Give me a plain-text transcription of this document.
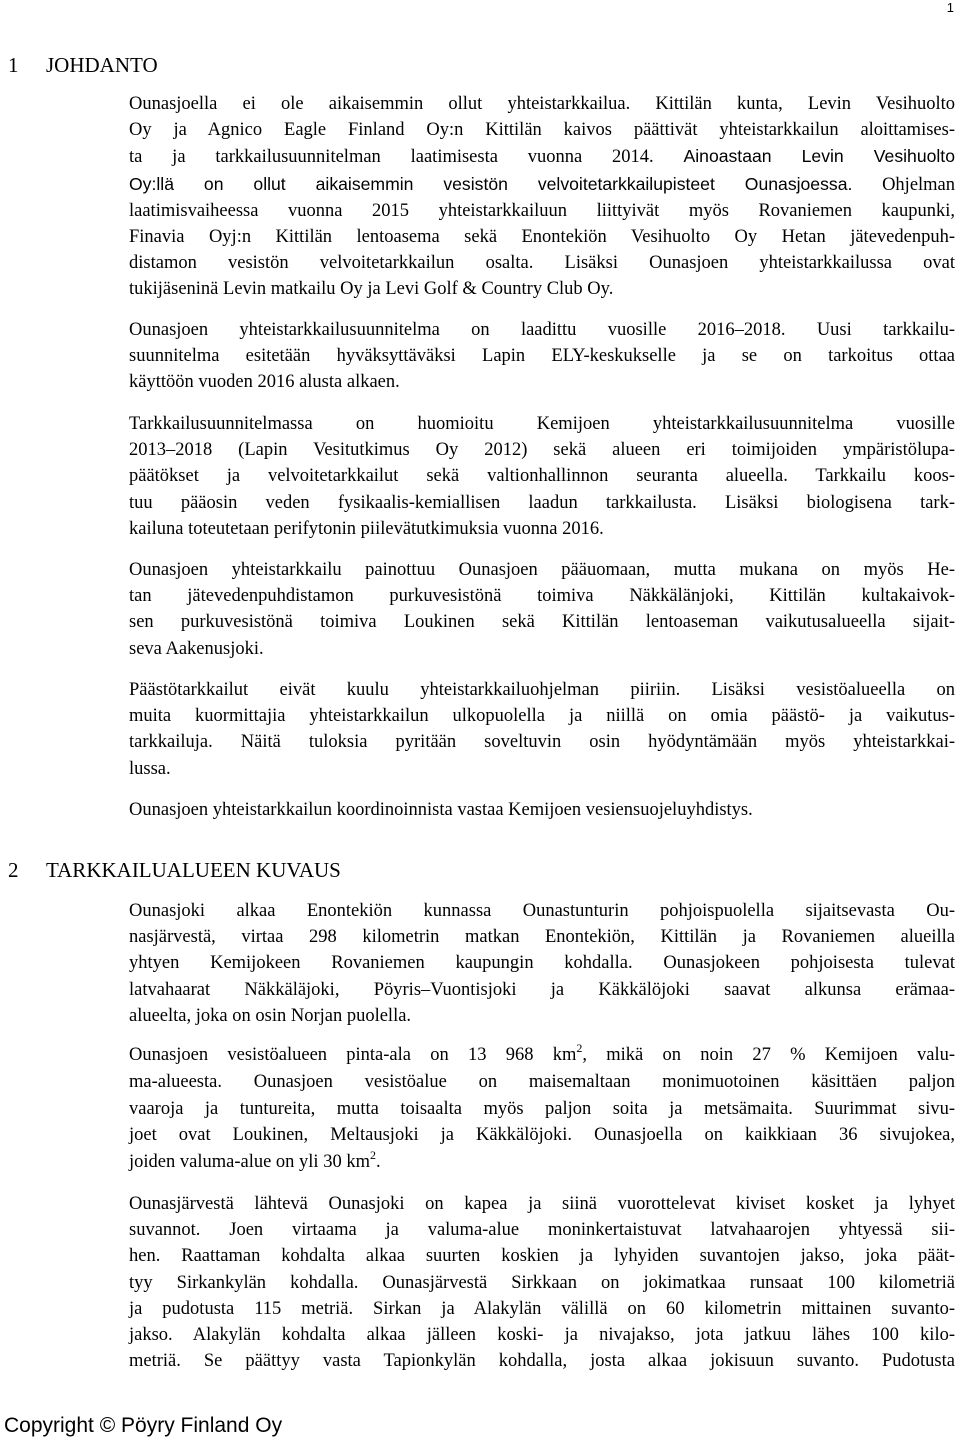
1
1	JOHDANTO

Ounasjoella ei ole aikaisemmin ollut yhteistarkkailua. Kittilän kunta, Levin Vesihuolto
Oy ja Agnico Eagle Finland Oy:n Kittilän kaivos päättivät yhteistarkkailun aloittamises-
ta ja tarkkailusuunnitelman laatimisesta vuonna 2014. Ainoastaan Levin Vesihuolto
Oy:llä on ollut aikaisemmin vesistön velvoitetarkkailupisteet Ounasjoessa. Ohjelman
laatimisvaiheessa vuonna 2015 yhteistarkkailuun liittyivät myös Rovaniemen kaupunki,
Finavia Oyj:n Kittilän lentoasema sekä Enontekiön Vesihuolto Oy Hetan jätevedenpuh-
distamon vesistön velvoitetarkkailun osalta. Lisäksi Ounasjoen yhteistarkkailussa ovat
tukijäseninä Levin matkailu Oy ja Levi Golf & Country Club Oy.

Ounasjoen yhteistarkkailusuunnitelma on laadittu vuosille 2016–2018. Uusi tarkkailu-
suunnitelma esitetään hyväksyttäväksi Lapin ELY-keskukselle ja se on tarkoitus ottaa
käyttöön vuoden 2016 alusta alkaen.

Tarkkailusuunnitelmassa on huomioitu Kemijoen yhteistarkkailusuunnitelma vuosille
2013–2018 (Lapin Vesitutkimus Oy 2012) sekä alueen eri toimijoiden ympäristölupa-
päätökset ja velvoitetarkkailut sekä valtionhallinnon seuranta alueella. Tarkkailu koos-
tuu pääosin veden fysikaalis-kemiallisen laadun tarkkailusta. Lisäksi biologisena tark-
kailuna toteutetaan perifytonin piilevätutkimuksia vuonna 2016.

Ounasjoen yhteistarkkailu painottuu Ounasjoen pääuomaan, mutta mukana on myös He-
tan jätevedenpuhdistamon purkuvesistönä toimiva Näkkälänjoki, Kittilän kultakaivok-
sen purkuvesistönä toimiva Loukinen sekä Kittilän lentoaseman vaikutusalueella sijait-
seva Aakenusjoki.

Päästötarkkailut eivät kuulu yhteistarkkailuohjelman piiriin. Lisäksi vesistöalueella on
muita kuormittajia yhteistarkkailun ulkopuolella ja niillä on omia päästö- ja vaikutus-
tarkkailuja. Näitä tuloksia pyritään soveltuvin osin hyödyntämään myös yhteistarkkai-
lussa.

Ounasjoen yhteistarkkailun koordinoinnista vastaa Kemijoen vesiensuojeluyhdistys.

2	TARKKAILUALUEEN KUVAUS

Ounasjoki alkaa Enontekiön kunnassa Ounastunturin pohjoispuolella sijaitsevasta Ou-
nasjärvestä, virtaa 298 kilometrin matkan Enontekiön, Kittilän ja Rovaniemen alueilla
yhtyen Kemijokeen Rovaniemen kaupungin kohdalla. Ounasjokeen pohjoisesta tulevat
latvahaarat Näkkäläjoki, Pöyris–Vuontisjoki ja Käkkälöjoki saavat alkunsa erämaa-
alueelta, joka on osin Norjan puolella.

Ounasjoen vesistöalueen pinta-ala on 13 968 $km^2$, mikä on noin 27 % Kemijoen valu-
ma-alueesta. Ounasjoen vesistöalue on maisemaltaan monimuotoinen käsittäen paljon
vaaroja ja tuntureita, mutta toisaalta myös paljon soita ja metsämaita. Suurimmat sivu-
joet ovat Loukinen, Meltausjoki ja Käkkälöjoki. Ounasjoella on kaikkiaan 36 sivujokea,
joiden valuma-alue on yli 30 $km^2$.

Ounasjärvestä lähtevä Ounasjoki on kapea ja siinä vuorottelevat kiviset kosket ja lyhyet
suvannot. Joen virtaama ja valuma-alue moninkertaistuvat latvahaarojen yhtyessä sii-
hen. Raattaman kohdalta alkaa suurten koskien ja lyhyiden suvantojen jakso, joka päät-
tyy Sirkankylän kohdalla. Ounasjärvestä Sirkkaan on jokimatkaa runsaat 100 kilometriä
ja pudotusta 115 metriä. Sirkan ja Alakylän välillä on 60 kilometrin mittainen suvanto-
jakso. Alakylän kohdalta alkaa jälleen koski- ja nivajakso, jota jatkuu lähes 100 kilo-
metriä. Se päättyy vasta Tapionkylän kohdalla, josta alkaa jokisuun suvanto. Pudotusta

Copyright © Pöyry Finland Oy
